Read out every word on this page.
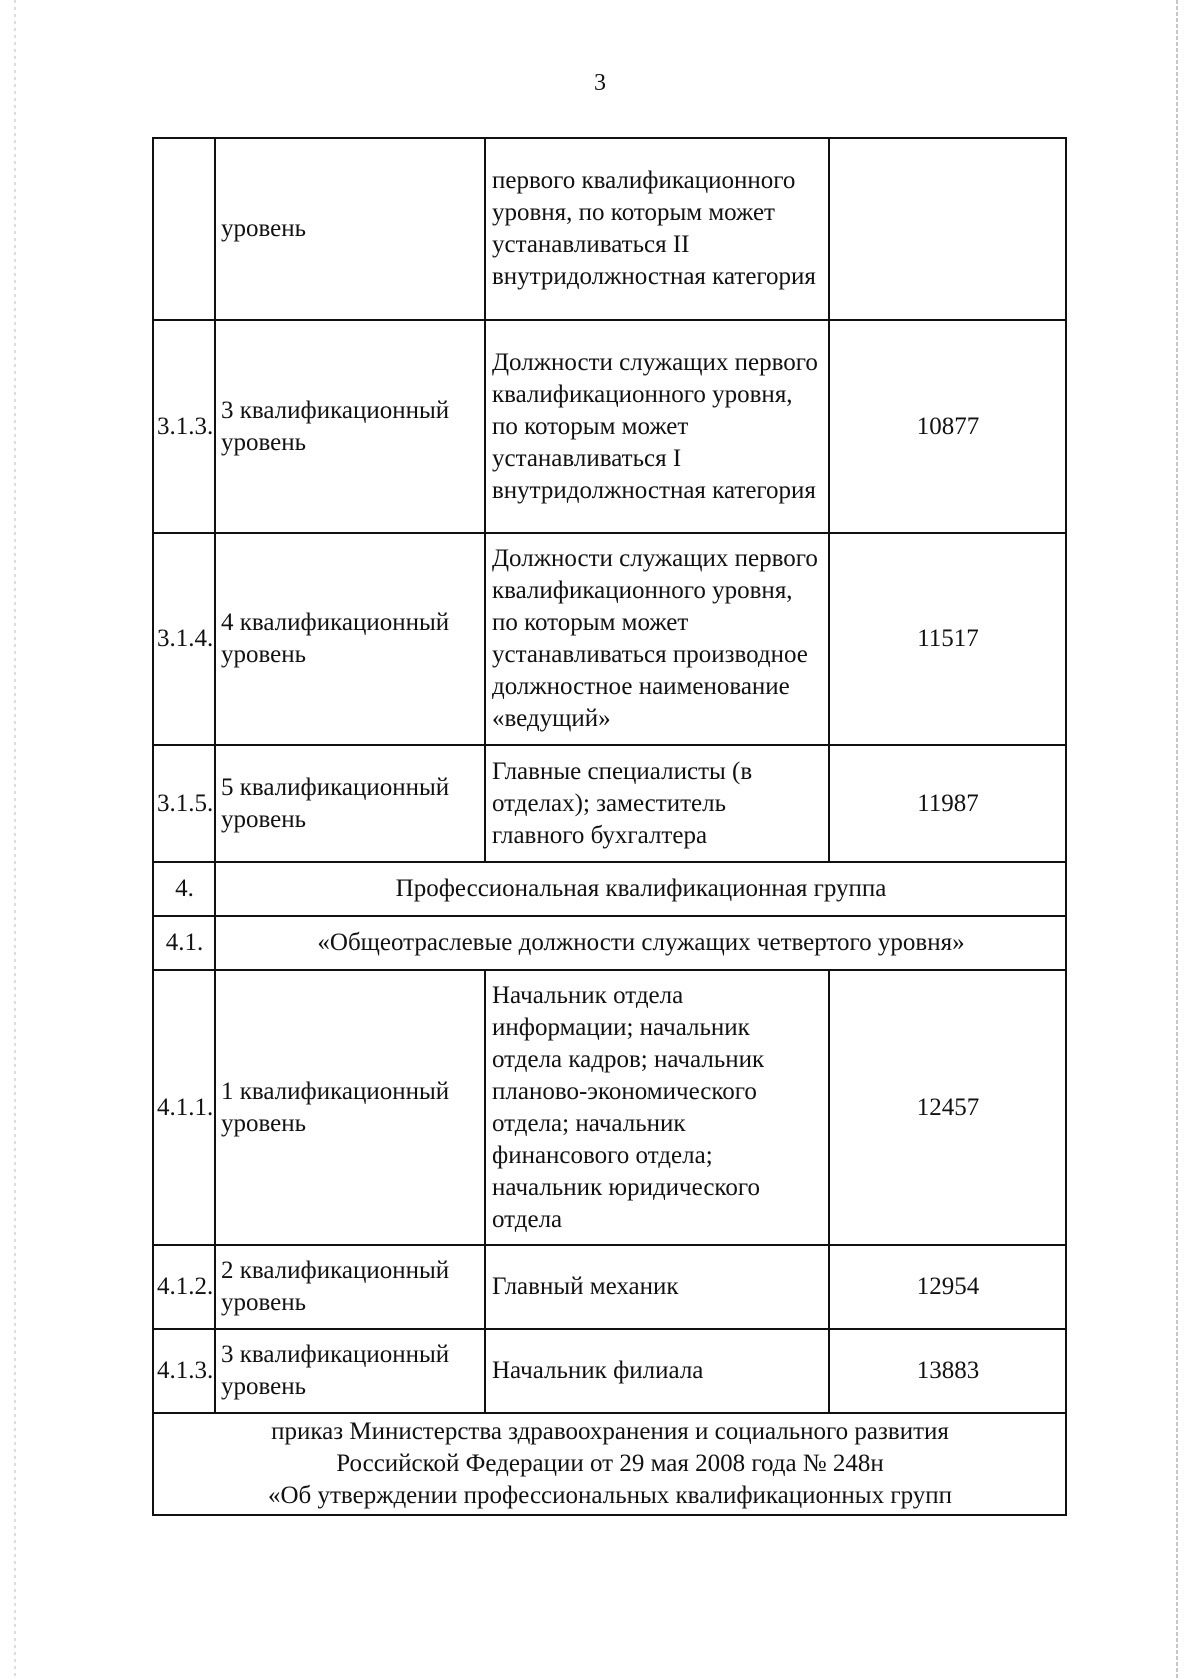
3
	уровень	первого квалификационного уровня, по которым может устанавливаться II внутридолжностная категория	
3.1.3.	3 квалификационный уровень	Должности служащих первого квалификационного уровня, по которым может устанавливаться I внутридолжностная категория	10877
3.1.4.	4 квалификационный уровень	Должности служащих первого квалификационного уровня, по которым может устанавливаться производное должностное наименование «ведущий»	11517
3.1.5.	5 квалификационный уровень	Главные специалисты (в отделах); заместитель главного бухгалтера	11987
4.	Профессиональная квалификационная группа		
4.1.	«Общеотраслевые должности служащих четвертого уровня»		
4.1.1.	1 квалификационный уровень	Начальник отдела информации; начальник отдела кадров; начальник планово-экономического отдела; начальник финансового отдела; начальник юридического отдела	12457
4.1.2.	2 квалификационный уровень	Главный механик	12954
4.1.3.	3 квалификационный уровень	Начальник филиала	13883

приказ Министерства здравоохранения и социального развития
Российской Федерации от 29 мая 2008 года № 248н
«Об утверждении профессиональных квалификационных групп			
